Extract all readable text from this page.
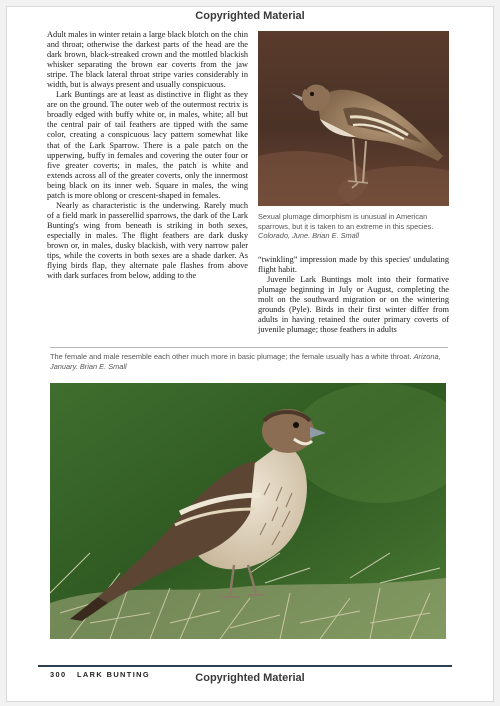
Copyrighted Material

Adult males in winter retain a large black blotch on the chin and throat; otherwise the darkest parts of the head are the dark brown, black-streaked crown and the mottled blackish whisker separating the brown ear coverts from the jaw stripe. The black lateral throat stripe varies considerably in width, but is always present and usually conspicuous.

Lark Buntings are at least as distinctive in flight as they are on the ground. The outer web of the outermost rectrix is broadly edged with buffy white or, in males, white; all but the central pair of tail feathers are tipped with the same color, creating a conspicuous lacy pattern somewhat like that of the Lark Sparrow. There is a pale patch on the upperwing, buffy in females and covering the outer four or five greater coverts; in males, the patch is white and extends across all of the greater coverts, only the innermost being black on its inner web. Square in males, the wing patch is more oblong or crescent-shaped in females.

Nearly as characteristic is the underwing. Rarely much of a field mark in passerellid sparrows, the dark of the Lark Bunting's wing from beneath is striking in both sexes, especially in males. The flight feathers are dark dusky brown or, in males, dusky blackish, with very narrow paler tips, while the coverts in both sexes are a shade darker. As flying birds flap, they alternate pale flashes from above with dark surfaces from below, adding to the

Sexual plumage dimorphism is unusual in American sparrows, but it is taken to an extreme in this species. Colorado, June. Brian E. Small

“twinkling” impression made by this species' undulating flight habit.

Juvenile Lark Buntings molt into their formative plumage beginning in July or August, completing the molt on the southward migration or on the wintering grounds (Pyle). Birds in their first winter differ from adults in having retained the outer primary coverts of juvenile plumage; those feathers in adults

The female and male resemble each other much more in basic plumage; the female usually has a white throat. Arizona, January. Brian E. Small
300 LARK BUNTING	Copyrighted Material
